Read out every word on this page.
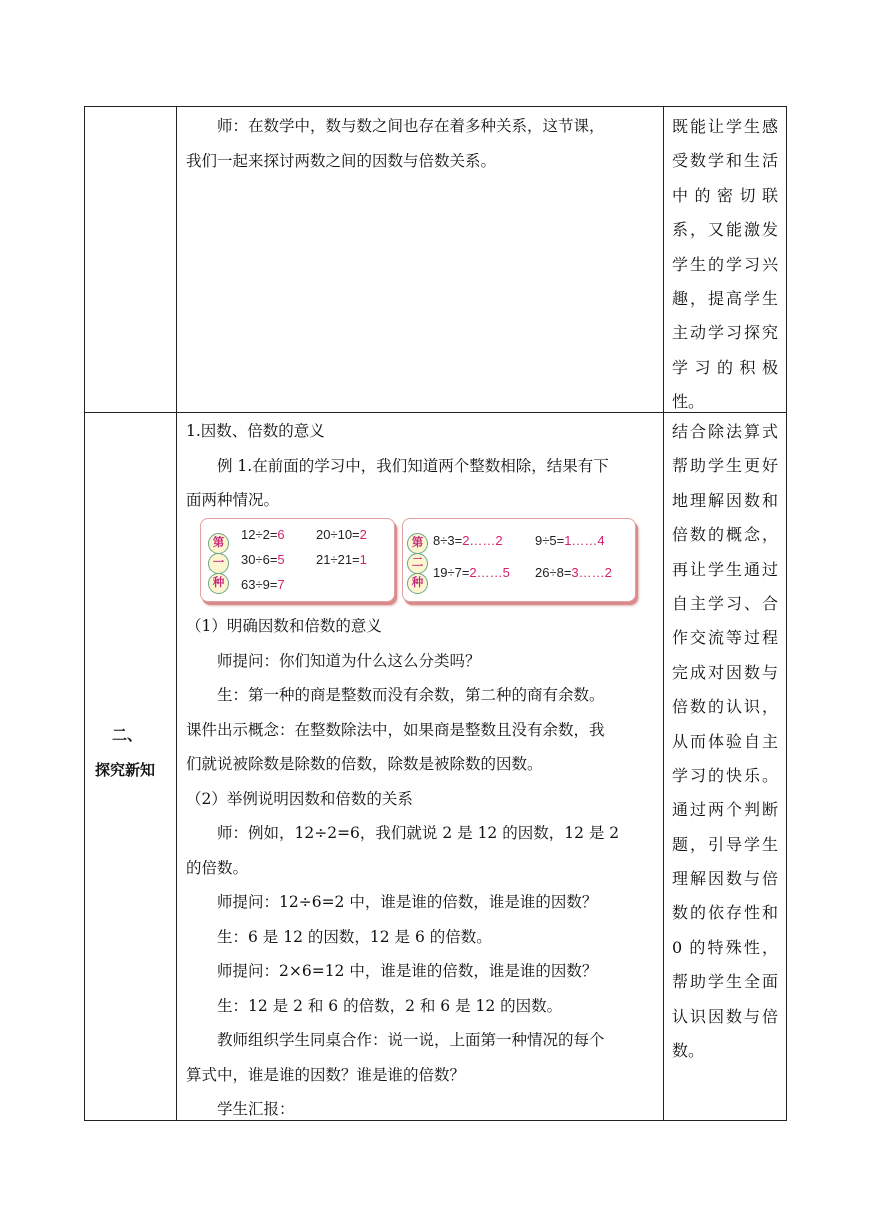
师：在数学中，数与数之间也存在着多种关系，这节课，
我们一起来探讨两数之间的因数与倍数关系。
既能让学生感
受数学和生活
中 的 密 切 联
系，又能激发
学生的学习兴
趣，提高学生
主动学习探究
学 习 的 积 极
性。
二、
探究新知
1.因数、倍数的意义
例 1.在前面的学习中，我们知道两个整数相除，结果有下
面两种情况。
第
一
种
12÷2=6 20÷10=2
30÷6=5 21÷21=1
63÷9=7
第
二
种
8÷3=2……2 9÷5=1……4
19÷7=2……5 26÷8=3……2
（1）明确因数和倍数的意义
师提问：你们知道为什么这么分类吗？
生：第一种的商是整数而没有余数，第二种的商有余数。
课件出示概念：在整数除法中，如果商是整数且没有余数，我
们就说被除数是除数的倍数，除数是被除数的因数。
（2）举例说明因数和倍数的关系
师：例如，12÷2=6，我们就说 2 是 12 的因数，12 是 2
的倍数。
师提问：12÷6=2 中，谁是谁的倍数，谁是谁的因数？
生：6 是 12 的因数，12 是 6 的倍数。
师提问：2×6=12 中，谁是谁的倍数，谁是谁的因数？
生：12 是 2 和 6 的倍数，2 和 6 是 12 的因数。
教师组织学生同桌合作：说一说，上面第一种情况的每个
算式中，谁是谁的因数？谁是谁的倍数？
学生汇报：
结合除法算式
帮助学生更好
地理解因数和
倍数的概念，
再让学生通过
自主学习、合
作交流等过程
完成对因数与
倍数的认识，
从而体验自主
学习的快乐。
通过两个判断
题，引导学生
理解因数与倍
数的依存性和
0 的特殊性，
帮助学生全面
认识因数与倍
数。
